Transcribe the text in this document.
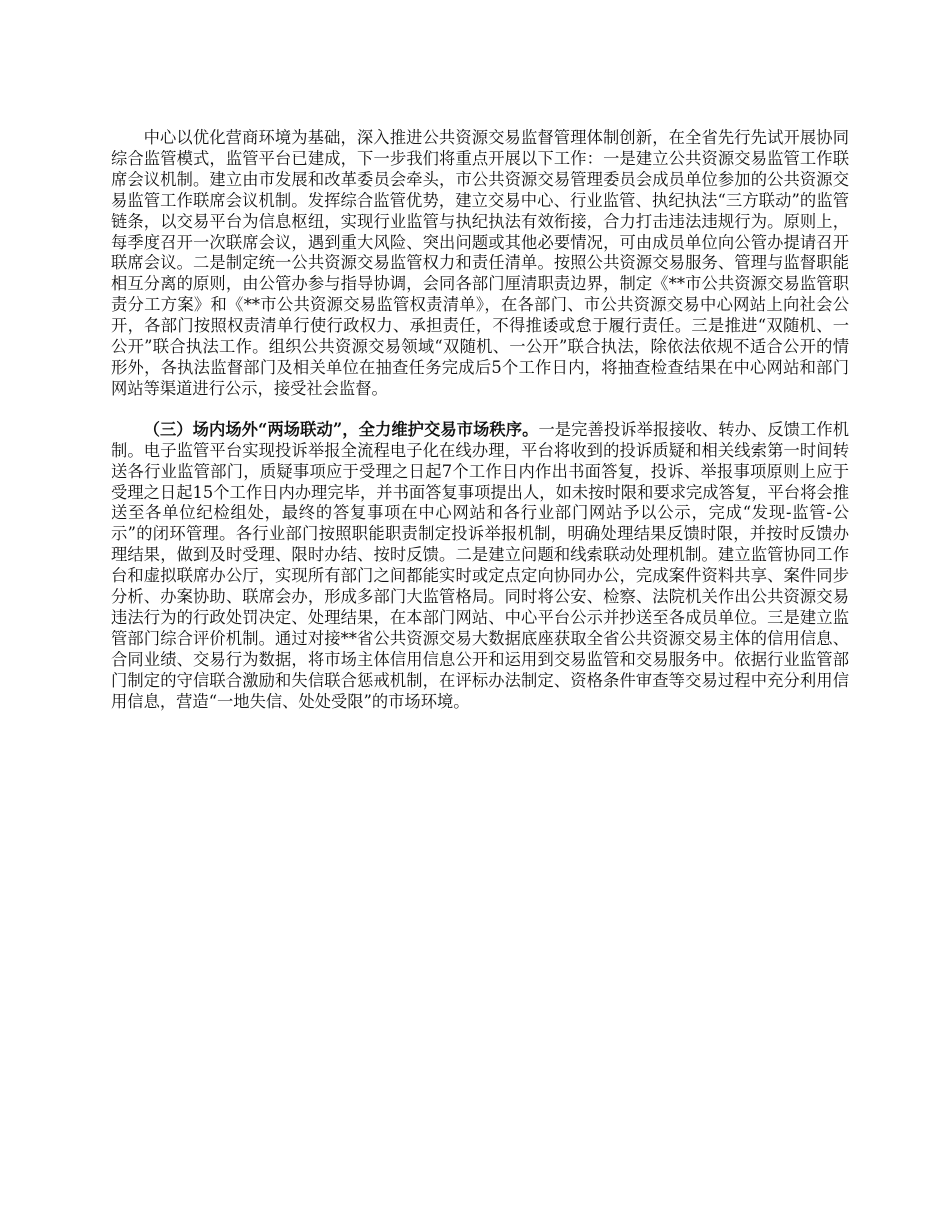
中心以优化营商环境为基础，深入推进公共资源交易监督管理体制创新，在全省先行先试开展协同综合监管模式，监管平台已建成，下一步我们将重点开展以下工作：一是建立公共资源交易监管工作联席会议机制。建立由市发展和改革委员会牵头，市公共资源交易管理委员会成员单位参加的公共资源交易监管工作联席会议机制。发挥综合监管优势，建立交易中心、行业监管、执纪执法“三方联动”的监管链条，以交易平台为信息枢纽，实现行业监管与执纪执法有效衔接，合力打击违法违规行为。原则上，每季度召开一次联席会议，遇到重大风险、突出问题或其他必要情况，可由成员单位向公管办提请召开联席会议。二是制定统一公共资源交易监管权力和责任清单。按照公共资源交易服务、管理与监督职能相互分离的原则，由公管办参与指导协调，会同各部门厘清职责边界，制定《**市公共资源交易监管职责分工方案》和《**市公共资源交易监管权责清单》，在各部门、市公共资源交易中心网站上向社会公开，各部门按照权责清单行使行政权力、承担责任，不得推诿或怠于履行责任。三是推进“双随机、一公开”联合执法工作。组织公共资源交易领域“双随机、一公开”联合执法，除依法依规不适合公开的情形外，各执法监督部门及相关单位在抽查任务完成后5个工作日内，将抽查检查结果在中心网站和部门网站等渠道进行公示，接受社会监督。

（三）场内场外“两场联动”，全力维护交易市场秩序。一是完善投诉举报接收、转办、反馈工作机制。电子监管平台实现投诉举报全流程电子化在线办理，平台将收到的投诉质疑和相关线索第一时间转送各行业监管部门，质疑事项应于受理之日起7个工作日内作出书面答复，投诉、举报事项原则上应于受理之日起15个工作日内办理完毕，并书面答复事项提出人，如未按时限和要求完成答复，平台将会推送至各单位纪检组处，最终的答复事项在中心网站和各行业部门网站予以公示，完成“发现-监管-公示”的闭环管理。各行业部门按照职能职责制定投诉举报机制，明确处理结果反馈时限，并按时反馈办理结果，做到及时受理、限时办结、按时反馈。二是建立问题和线索联动处理机制。建立监管协同工作台和虚拟联席办公厅，实现所有部门之间都能实时或定点定向协同办公，完成案件资料共享、案件同步分析、办案协助、联席会办，形成多部门大监管格局。同时将公安、检察、法院机关作出公共资源交易违法行为的行政处罚决定、处理结果，在本部门网站、中心平台公示并抄送至各成员单位。三是建立监管部门综合评价机制。通过对接**省公共资源交易大数据底座获取全省公共资源交易主体的信用信息、合同业绩、交易行为数据，将市场主体信用信息公开和运用到交易监管和交易服务中。依据行业监管部门制定的守信联合激励和失信联合惩戒机制，在评标办法制定、资格条件审查等交易过程中充分利用信用信息，营造“一地失信、处处受限”的市场环境。
